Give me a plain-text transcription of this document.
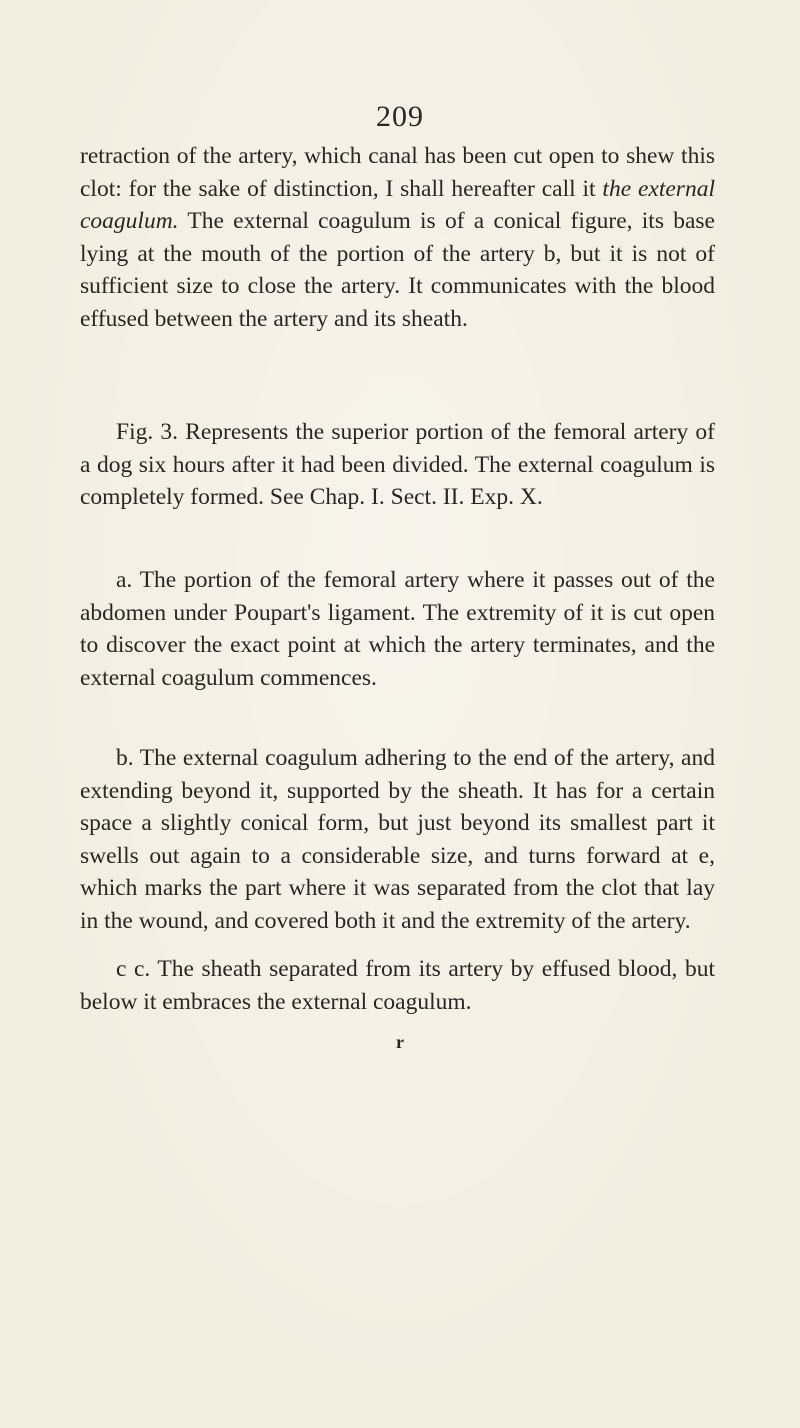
209

retraction of the artery, which canal has been cut open to shew this clot: for the sake of distinction, I shall hereafter call it the external coagulum. The external coagulum is of a conical figure, its base lying at the mouth of the portion of the artery b, but it is not of sufficient size to close the artery. It communicates with the blood effused between the artery and its sheath.

Fig. 3. Represents the superior portion of the femoral artery of a dog six hours after it had been divided. The external coagulum is completely formed. See Chap. I. Sect. II. Exp. X.

a. The portion of the femoral artery where it passes out of the abdomen under Poupart's ligament. The extremity of it is cut open to discover the exact point at which the artery terminates, and the external coagulum commences.

b. The external coagulum adhering to the end of the artery, and extending beyond it, supported by the sheath. It has for a certain space a slightly conical form, but just beyond its smallest part it swells out again to a considerable size, and turns forward at e, which marks the part where it was separated from the clot that lay in the wound, and covered both it and the extremity of the artery.

c c. The sheath separated from its artery by effused blood, but below it embraces the external coagulum.

r
